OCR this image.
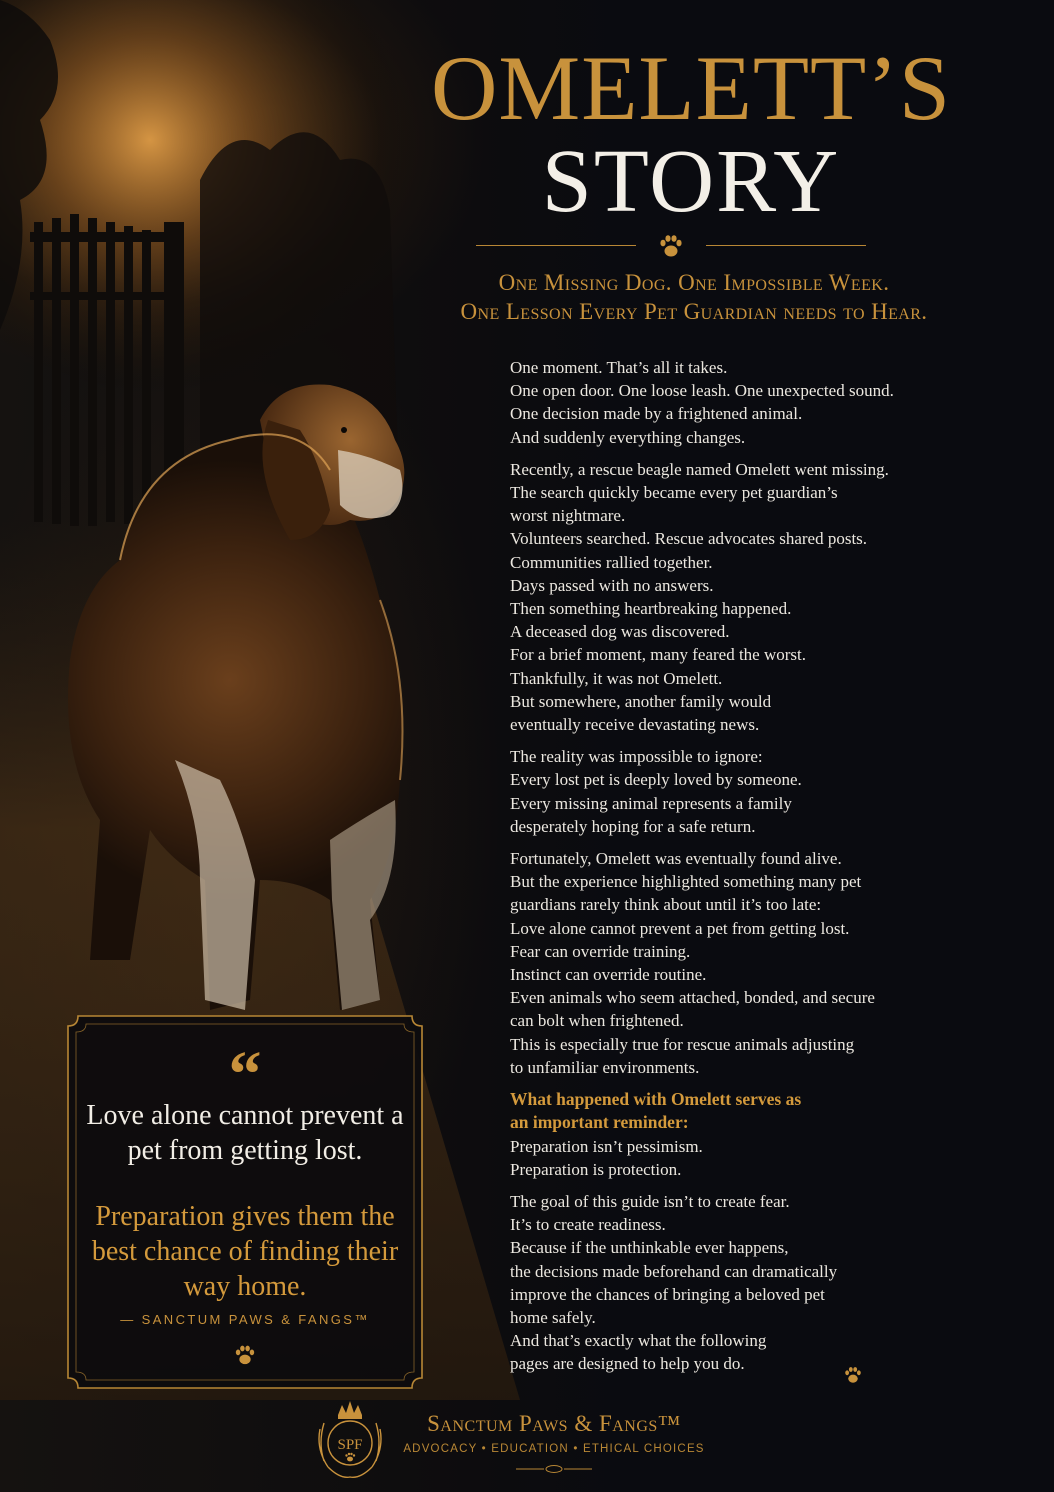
OMELETT’S
STORY
One Missing Dog. One Impossible Week.
One Lesson Every Pet Guardian needs to Hear.
One moment. That’s all it takes.
One open door. One loose leash. One unexpected sound.
One decision made by a frightened animal.
And suddenly everything changes.
Recently, a rescue beagle named Omelett went missing.
The search quickly became every pet guardian’s
worst nightmare.
Volunteers searched. Rescue advocates shared posts.
Communities rallied together.
Days passed with no answers.
Then something heartbreaking happened.
A deceased dog was discovered.
For a brief moment, many feared the worst.
Thankfully, it was not Omelett.
But somewhere, another family would
eventually receive devastating news.
The reality was impossible to ignore:
Every lost pet is deeply loved by someone.
Every missing animal represents a family
desperately hoping for a safe return.
Fortunately, Omelett was eventually found alive.
But the experience highlighted something many pet
guardians rarely think about until it’s too late:
Love alone cannot prevent a pet from getting lost.
Fear can override training.
Instinct can override routine.
Even animals who seem attached, bonded, and secure
can bolt when frightened.
This is especially true for rescue animals adjusting
to unfamiliar environments.
What happened with Omelett serves as
an important reminder:
Preparation isn’t pessimism.
Preparation is protection.
The goal of this guide isn’t to create fear.
It’s to create readiness.
Because if the unthinkable ever happens,
the decisions made beforehand can dramatically
improve the chances of bringing a beloved pet
home safely.
And that’s exactly what the following
pages are designed to help you do.
“
Love alone cannot prevent a pet from getting lost.
Preparation gives them the best chance of finding their way home.
— SANCTUM PAWS & FANGS™
SPF
Sanctum Paws & Fangs™
ADVOCACY • EDUCATION • ETHICAL CHOICES
